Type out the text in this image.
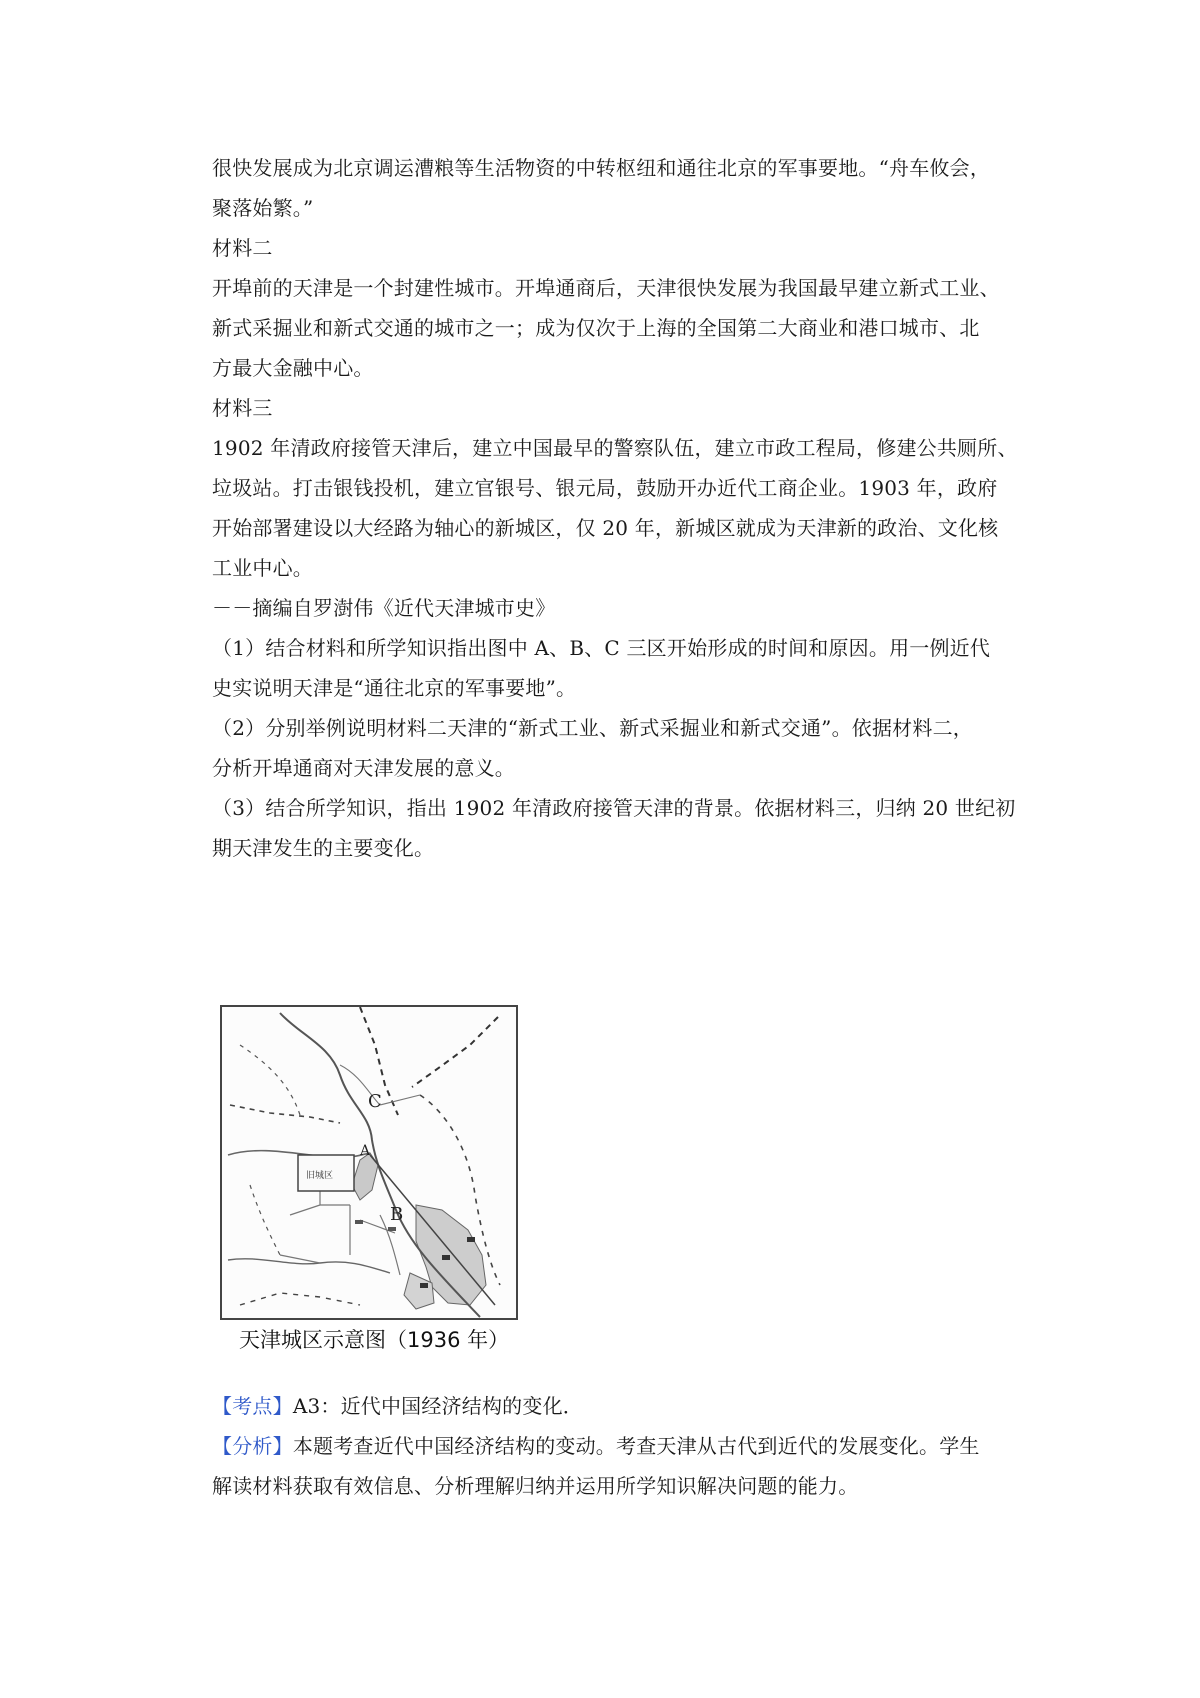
很快发展成为北京调运漕粮等生活物资的中转枢纽和通往北京的军事要地。“舟车攸会，
聚落始繁。”
材料二
开埠前的天津是一个封建性城市。开埠通商后，天津很快发展为我国最早建立新式工业、
新式采掘业和新式交通的城市之一；成为仅次于上海的全国第二大商业和港口城市、北
方最大金融中心。
材料三
1902 年清政府接管天津后，建立中国最早的警察队伍，建立市政工程局，修建公共厕所、
垃圾站。打击银钱投机，建立官银号、银元局，鼓励开办近代工商企业。1903 年，政府
开始部署建设以大经路为轴心的新城区，仅 20 年，新城区就成为天津新的政治、文化核
工业中心。
－－摘编自罗澍伟《近代天津城市史》
（1）结合材料和所学知识指出图中 A、B、C 三区开始形成的时间和原因。用一例近代
史实说明天津是“通往北京的军事要地”。
（2）分别举例说明材料二天津的“新式工业、新式采掘业和新式交通”。依据材料二，
分析开埠通商对天津发展的意义。
（3）结合所学知识，指出 1902 年清政府接管天津的背景。依据材料三，归纳 20 世纪初
期天津发生的主要变化。
C
A
B
旧城区
天津城区示意图（1936 年）
【考点】A3：近代中国经济结构的变化．
【分析】本题考查近代中国经济结构的变动。考查天津从古代到近代的发展变化。学生
解读材料获取有效信息、分析理解归纳并运用所学知识解决问题的能力。
